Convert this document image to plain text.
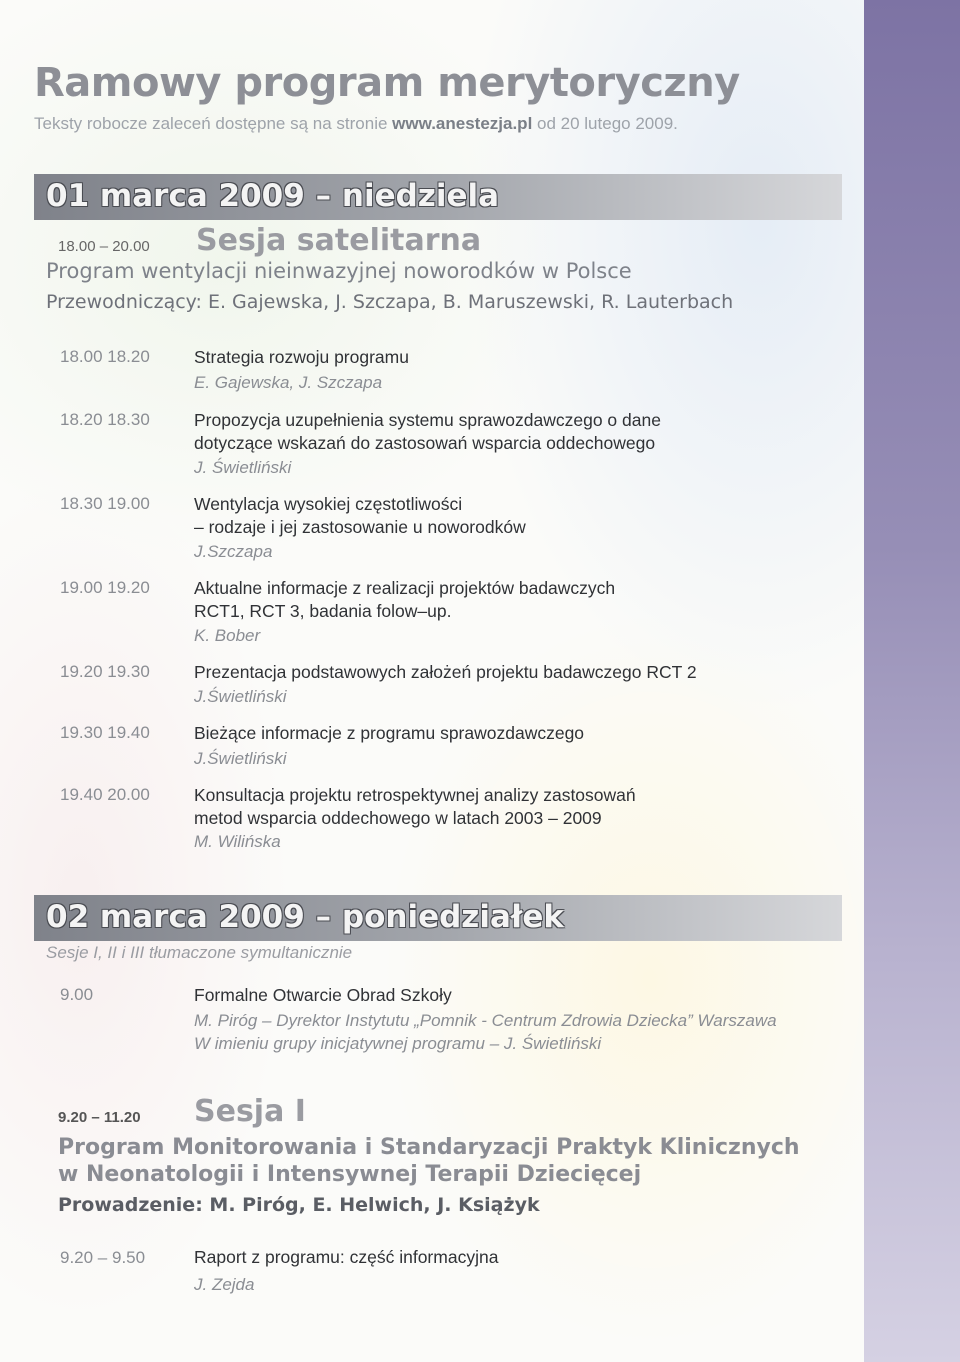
Ramowy program merytoryczny
Teksty robocze zaleceń dostępne są na stronie www.anestezja.pl od 20 lutego 2009.
01 marca 2009 – niedziela
18.00 – 20.00 Sesja satelitarna
Program wentylacji nieinwazyjnej noworodków w Polsce
Przewodniczący: E. Gajewska, J. Szczapa, B. Maruszewski, R. Lauterbach
18.00 18.20	Strategia rozwoju programu
E. Gajewska, J. Szczapa
18.20 18.30	Propozycja uzupełnienia systemu sprawozdawczego o dane
dotyczące wskazań do zastosowań wsparcia oddechowego
J. Świetliński
18.30 19.00	Wentylacja wysokiej częstotliwości
– rodzaje i jej zastosowanie u noworodków
J.Szczapa
19.00 19.20	Aktualne informacje z realizacji projektów badawczych
RCT1, RCT 3, badania folow–up.
K. Bober
19.20 19.30	Prezentacja podstawowych założeń projektu badawczego RCT 2
J.Świetliński
19.30 19.40	Bieżące informacje z programu sprawozdawczego
J.Świetliński
19.40 20.00	Konsultacja projektu retrospektywnej analizy zastosowań
metod wsparcia oddechowego w latach 2003 – 2009
M. Wilińska
02 marca 2009 – poniedziałek
Sesje I, II i III tłumaczone symultanicznie
9.00	Formalne Otwarcie Obrad Szkoły
M. Piróg – Dyrektor Instytutu „Pomnik - Centrum Zdrowia Dziecka” Warszawa
W imieniu grupy inicjatywnej programu – J. Świetliński
9.20 – 11.20 Sesja I
Program Monitorowania i Standaryzacji Praktyk Klinicznych
w Neonatologii i Intensywnej Terapii Dziecięcej
Prowadzenie: M. Piróg, E. Helwich, J. Książyk
9.20 – 9.50	Raport z programu: część informacyjna
J. Zejda
